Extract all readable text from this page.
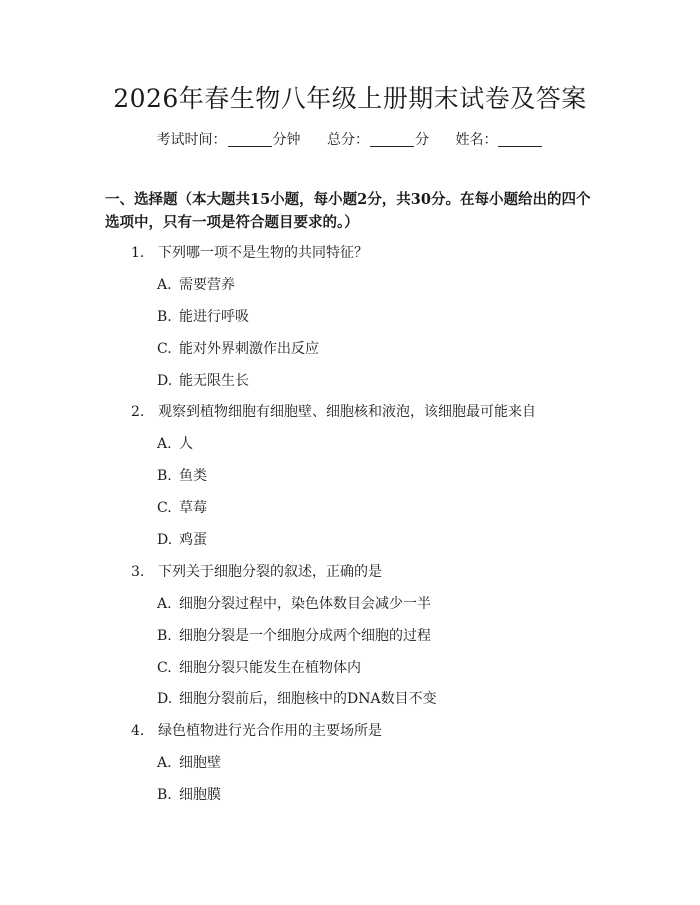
2026年春生物八年级上册期末试卷及答案
考试时间：	分钟 总分：	分 姓名：
一、选择题（本大题共15小题，每小题2分，共30分。在每小题给出的四个选项中，只有一项是符合题目要求的。）
1. 下列哪一项不是生物的共同特征？
A. 需要营养
B. 能进行呼吸
C. 能对外界刺激作出反应
D. 能无限生长
2. 观察到植物细胞有细胞壁、细胞核和液泡，该细胞最可能来自
A. 人
B. 鱼类
C. 草莓
D. 鸡蛋
3. 下列关于细胞分裂的叙述，正确的是
A. 细胞分裂过程中，染色体数目会减少一半
B. 细胞分裂是一个细胞分成两个细胞的过程
C. 细胞分裂只能发生在植物体内
D. 细胞分裂前后，细胞核中的DNA数目不变
4. 绿色植物进行光合作用的主要场所是
A. 细胞壁
B. 细胞膜
